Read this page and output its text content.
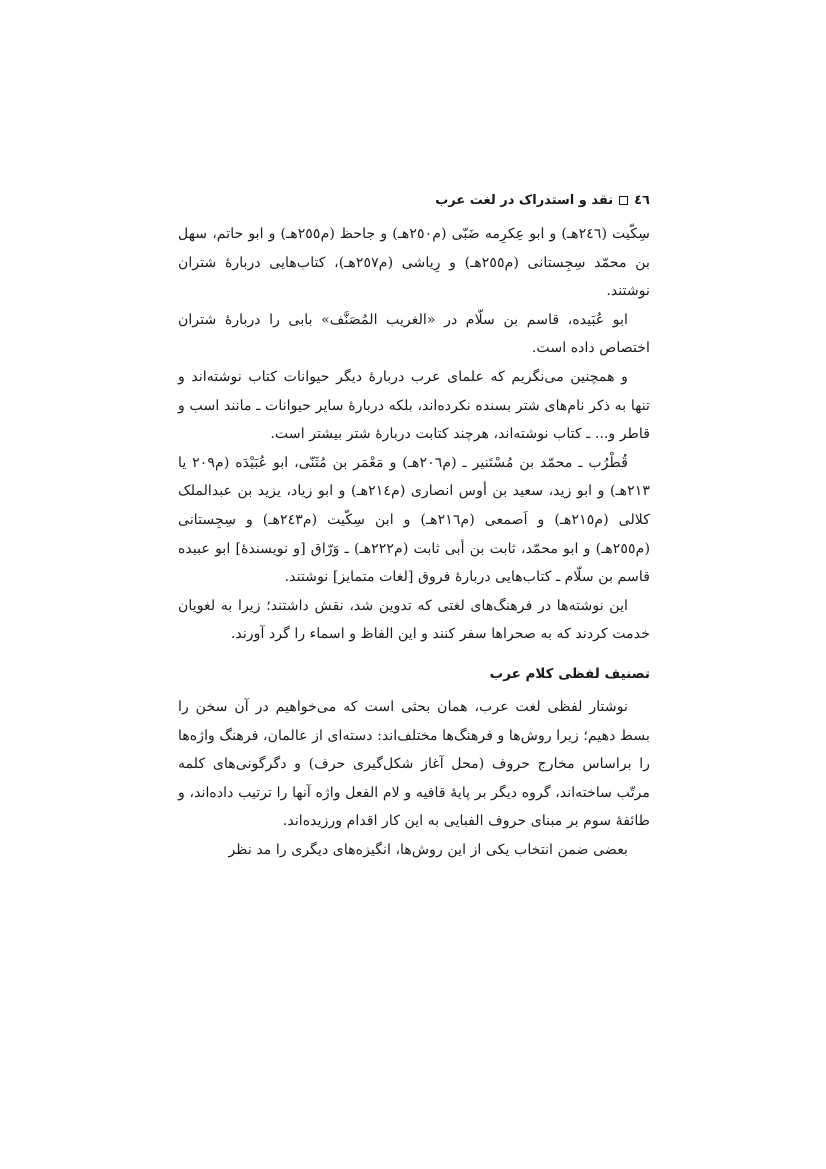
٤٦
نقد و استدراک در لغت عرب

سِکّیت (٢٤٦هـ) و ابو عِکرِمه ضَبّی (م٢٥٠هـ) و جاحظ (م٢٥٥هـ) و ابو حاتم، سهل بن محمّد سِجِستانی (م٢٥٥هـ) و رِیاشی (م٢٥٧هـ)، کتاب‌هایی دربارهٔ شتران نوشتند.

ابو عُبَیده، قاسم بن سلّام در «الغریب المُصَنَّف» بابی را دربارهٔ شتران اختصاص داده است.

و همچنین می‌نگریم که علمای عرب دربارهٔ دیگر حیوانات کتاب نوشته‌اند و تنها به ذکر نام‌های شتر بسنده نکرده‌اند، بلکه دربارهٔ سایر حیوانات ـ مانند اسب و قاطر و... ـ کتاب نوشته‌اند، هرچند کتابت دربارهٔ شتر بیشتر است.

قُطْرُب ـ محمّد بن مُسْتَنیر ـ (م٢٠٦هـ) و مَعْمَر بن مُثَنّی، ابو عُبَیْدَه (م٢٠٩ یا ٢١٣هـ) و ابو زید، سعید بن أوس انصاری (م٢١٤هـ) و ابو زیاد، یزید بن عبدالملک کلالی (م٢١٥هـ) و اَصمعی (م٢١٦هـ) و ابن سِکّیت (م٢٤٣هـ) و سِجِستانی (م٢٥٥هـ) و ابو محمّد، ثابت بن أبی ثابت (م٢٢٢هـ) ـ وَرّاق [و نویسندهٔ] ابو عبیده قاسم بن سلّام ـ کتاب‌هایی دربارهٔ فروق [لغات متمایز] نوشتند.

این نوشته‌ها در فرهنگ‌های لغتی که تدوین شد، نقش داشتند؛ زیرا به لغویان خدمت کردند که به صحراها سفر کنند و این الفاظ و اسماء را گرد آورند.

تصنیف لفظی کلام عرب

نوشتار لفظی لغت عرب، همان بحثی است که می‌خواهیم در آن سخن را بسط دهیم؛ زیرا روش‌ها و فرهنگ‌ها مختلف‌اند: دسته‌ای از عالمان، فرهنگ واژه‌ها را براساس مخارج حروف (محل آغاز شکل‌گیری حرف) و دگرگونی‌های کلمه مرتّب ساخته‌اند، گروه دیگر بر پایهٔ قافیه و لام الفعل واژه آنها را ترتیب داده‌اند، و طائفهٔ سوم بر مبنای حروف الفبایی به این کار اقدام ورزیده‌اند.

بعضی ضمن انتخاب یکی از این روش‌ها، انگیزه‌های دیگری را مد نظر
